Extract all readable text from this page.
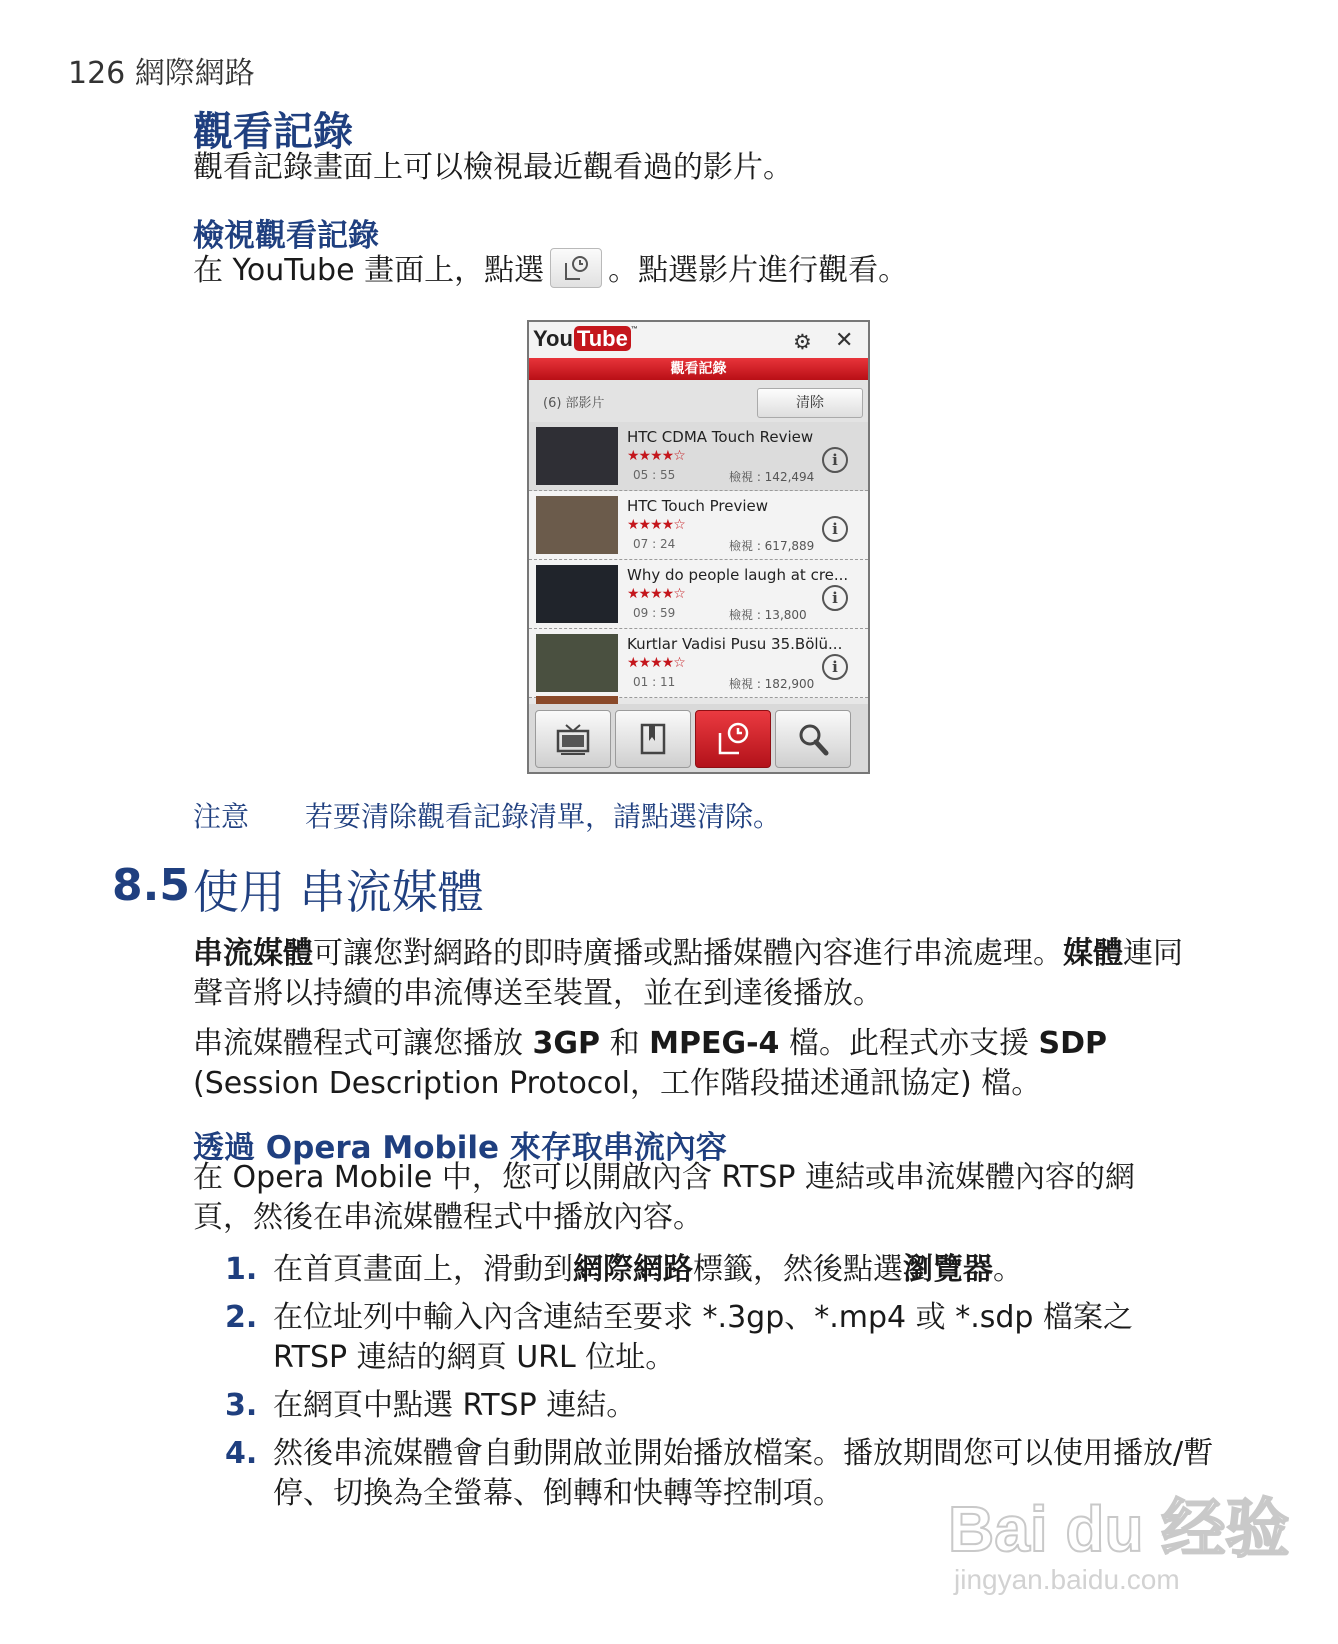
126 網際網路
觀看記錄
觀看記錄畫面上可以檢視最近觀看過的影片。
檢視觀看記錄
在 YouTube 畫面上，點選 。點選影片進行觀看。
You Tube ™
⚙ ✕
觀看記錄
(6) 部影片	清除
HTC CDMA Touch Review
★★★★☆
05 : 55	檢視 : 142,494
i
HTC Touch Preview
★★★★☆
07 : 24	檢視 : 617,889
i
Why do people laugh at cre...
★★★★☆
09 : 59	檢視 : 13,800
i
Kurtlar Vadisi Pusu 35.Bölü...
★★★★☆
01 : 11	檢視 : 182,900
i
注意 若要清除觀看記錄清單，請點選清除。
8.5 使用 串流媒體
串流媒體可讓您對網路的即時廣播或點播媒體內容進行串流處理。媒體連同聲音將以持續的串流傳送至裝置，並在到達後播放。
串流媒體程式可讓您播放 3GP 和 MPEG-4 檔。此程式亦支援 SDP (Session Description Protocol，工作階段描述通訊協定) 檔。
透過 Opera Mobile 來存取串流內容
在 Opera Mobile 中，您可以開啟內含 RTSP 連結或串流媒體內容的網頁，然後在串流媒體程式中播放內容。
1. 在首頁畫面上，滑動到網際網路標籤，然後點選瀏覽器。
2. 在位址列中輸入內含連結至要求 *.3gp、*.mp4 或 *.sdp 檔案之 RTSP 連結的網頁 URL 位址。
3. 在網頁中點選 RTSP 連結。
4. 然後串流媒體會自動開啟並開始播放檔案。播放期間您可以使用播放/暫停、切換為全螢幕、倒轉和快轉等控制項。	Bai du 经验
jingyan.baidu.com
